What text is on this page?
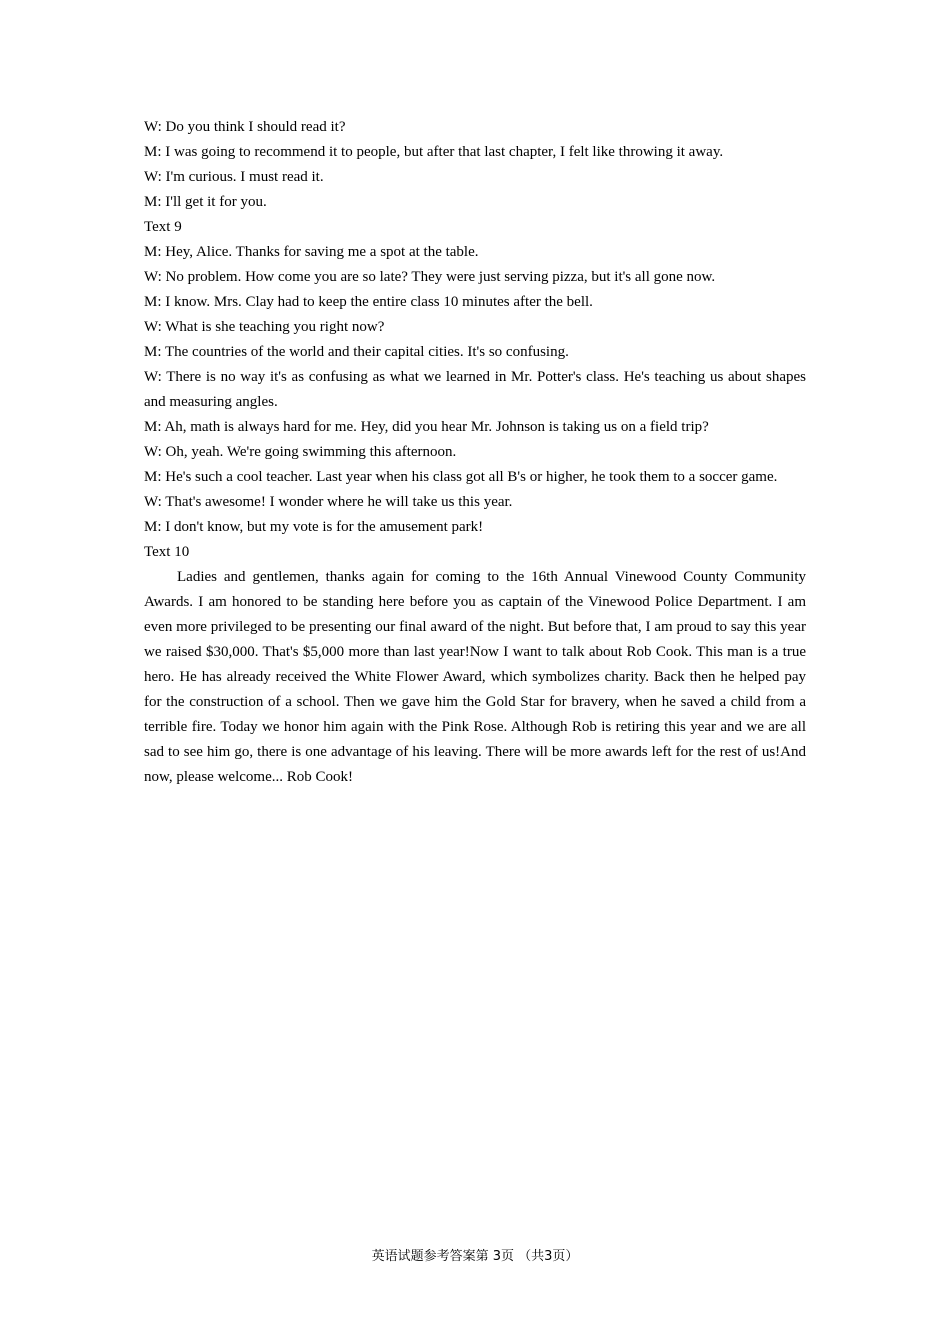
W: Do you think I should read it?

M: I was going to recommend it to people, but after that last chapter, I felt like throwing it away.

W: I'm curious. I must read it.

M: I'll get it for you.

Text 9

M: Hey, Alice. Thanks for saving me a spot at the table.

W: No problem. How come you are so late? They were just serving pizza, but it's all gone now.

M: I know. Mrs. Clay had to keep the entire class 10 minutes after the bell.

W: What is she teaching you right now?

M: The countries of the world and their capital cities. It's so confusing.

W: There is no way it's as confusing as what we learned in Mr. Potter's class. He's teaching us about shapes and measuring angles.

M: Ah, math is always hard for me. Hey, did you hear Mr. Johnson is taking us on a field trip?

W: Oh, yeah. We're going swimming this afternoon.

M: He's such a cool teacher. Last year when his class got all B's or higher, he took them to a soccer game.

W: That's awesome! I wonder where he will take us this year.

M: I don't know, but my vote is for the amusement park!

Text 10

Ladies and gentlemen, thanks again for coming to the 16th Annual Vinewood County Community Awards. I am honored to be standing here before you as captain of the Vinewood Police Department. I am even more privileged to be presenting our final award of the night. But before that, I am proud to say this year we raised $30,000. That's $5,000 more than last year!Now I want to talk about Rob Cook. This man is a true hero. He has already received the White Flower Award, which symbolizes charity. Back then he helped pay for the construction of a school. Then we gave him the Gold Star for bravery, when he saved a child from a terrible fire. Today we honor him again with the Pink Rose. Although Rob is retiring this year and we are all sad to see him go, there is one advantage of his leaving. There will be more awards left for the rest of us!And now, please welcome... Rob Cook!

英语试题参考答案第 3页 （共3页）
